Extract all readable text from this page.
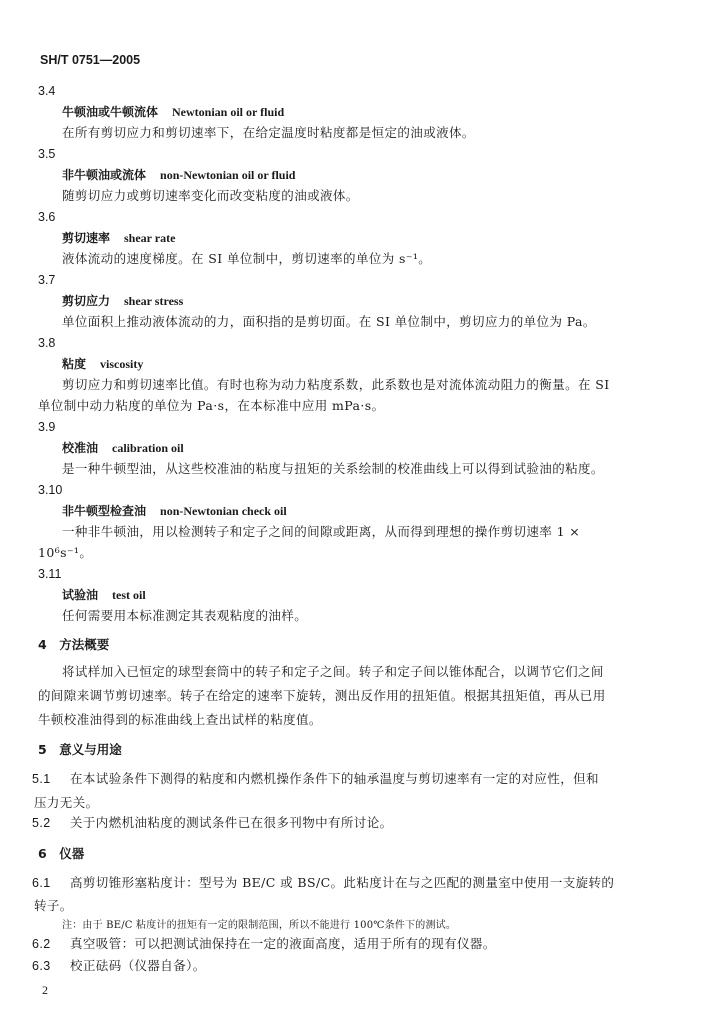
SH/T 0751—2005
3.4
牛顿油或牛顿流体 Newtonian oil or fluid
在所有剪切应力和剪切速率下，在给定温度时粘度都是恒定的油或液体。
3.5
非牛顿油或流体 non-Newtonian oil or fluid
随剪切应力或剪切速率变化而改变粘度的油或液体。
3.6
剪切速率 shear rate
液体流动的速度梯度。在 SI 单位制中，剪切速率的单位为 s⁻¹。
3.7
剪切应力 shear stress
单位面积上推动液体流动的力，面积指的是剪切面。在 SI 单位制中，剪切应力的单位为 Pa。
3.8
粘度 viscosity
剪切应力和剪切速率比值。有时也称为动力粘度系数，此系数也是对流体流动阻力的衡量。在 SI
单位制中动力粘度的单位为 Pa·s，在本标准中应用 mPa·s。
3.9
校准油 calibration oil
是一种牛顿型油，从这些校准油的粘度与扭矩的关系绘制的校准曲线上可以得到试验油的粘度。
3.10
非牛顿型检查油 non-Newtonian check oil
一种非牛顿油，用以检测转子和定子之间的间隙或距离，从而得到理想的操作剪切速率 1 ×
10⁶s⁻¹。
3.11
试验油 test oil
任何需要用本标准测定其表观粘度的油样。
4　方法概要
将试样加入已恒定的球型套筒中的转子和定子之间。转子和定子间以锥体配合，以调节它们之间
的间隙来调节剪切速率。转子在给定的速率下旋转，测出反作用的扭矩值。根据其扭矩值，再从已用
牛顿校准油得到的标准曲线上查出试样的粘度值。
5　意义与用途
5.1 在本试验条件下测得的粘度和内燃机操作条件下的轴承温度与剪切速率有一定的对应性，但和
压力无关。
5.2 关于内燃机油粘度的测试条件已在很多刊物中有所讨论。
6　仪器
6.1 高剪切锥形塞粘度计：型号为 BE/C 或 BS/C。此粘度计在与之匹配的测量室中使用一支旋转的
转子。
注：由于 BE/C 粘度计的扭矩有一定的限制范围，所以不能进行 100℃条件下的测试。
6.2 真空吸管：可以把测试油保持在一定的液面高度，适用于所有的现有仪器。
6.3 校正砝码（仪器自备）。
2
